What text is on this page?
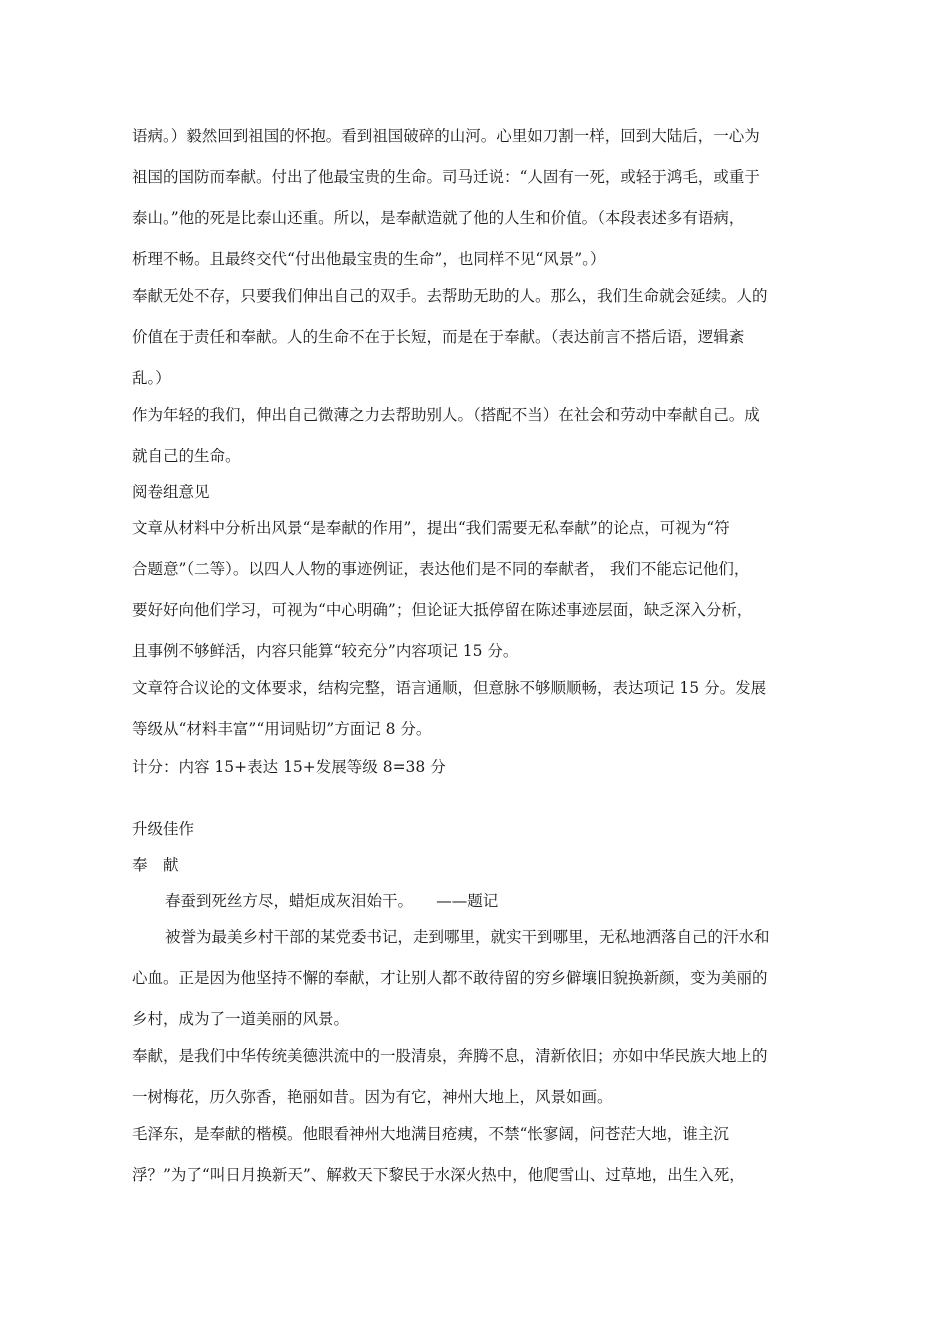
语病。）毅然回到祖国的怀抱。看到祖国破碎的山河。心里如刀割一样，回到大陆后，一心为

祖国的国防而奉献。付出了他最宝贵的生命。司马迁说：“人固有一死，或轻于鸿毛，或重于

泰山。”他的死是比泰山还重。所以，是奉献造就了他的人生和价值。（本段表述多有语病，

析理不畅。且最终交代“付出他最宝贵的生命”，也同样不见“风景”。）

奉献无处不存，只要我们伸出自己的双手。去帮助无助的人。那么，我们生命就会延续。人的

价值在于责任和奉献。人的生命不在于长短，而是在于奉献。（表达前言不搭后语，逻辑紊

乱。）

作为年轻的我们，伸出自己微薄之力去帮助别人。（搭配不当）在社会和劳动中奉献自己。成

就自己的生命。

阅卷组意见

文章从材料中分析出风景“是奉献的作用”，提出“我们需要无私奉献”的论点，可视为“符

合题意”（二等）。以四人人物的事迹例证，表达他们是不同的奉献者， 我们不能忘记他们，

要好好向他们学习，可视为“中心明确”；但论证大抵停留在陈述事迹层面，缺乏深入分析，

且事例不够鲜活，内容只能算“较充分”内容项记 15 分。

文章符合议论的文体要求，结构完整，语言通顺，但意脉不够顺顺畅，表达项记 15 分。发展

等级从“材料丰富”“用词贴切”方面记 8 分。

计分：内容 15+表达 15+发展等级 8=38 分

升级佳作

奉　献

春蚕到死丝方尽，蜡炬成灰泪始干。　　——题记

被誉为最美乡村干部的某党委书记，走到哪里，就实干到哪里，无私地洒落自己的汗水和

心血。正是因为他坚持不懈的奉献，才让别人都不敢待留的穷乡僻壤旧貌换新颜，变为美丽的

乡村，成为了一道美丽的风景。

奉献，是我们中华传统美德洪流中的一股清泉，奔腾不息，清新依旧；亦如中华民族大地上的

一树梅花，历久弥香，艳丽如昔。因为有它，神州大地上，风景如画。

毛泽东，是奉献的楷模。他眼看神州大地满目疮痍，不禁“怅寥阔，问苍茫大地，谁主沉

浮？”为了“叫日月换新天”、解救天下黎民于水深火热中，他爬雪山、过草地，出生入死，
